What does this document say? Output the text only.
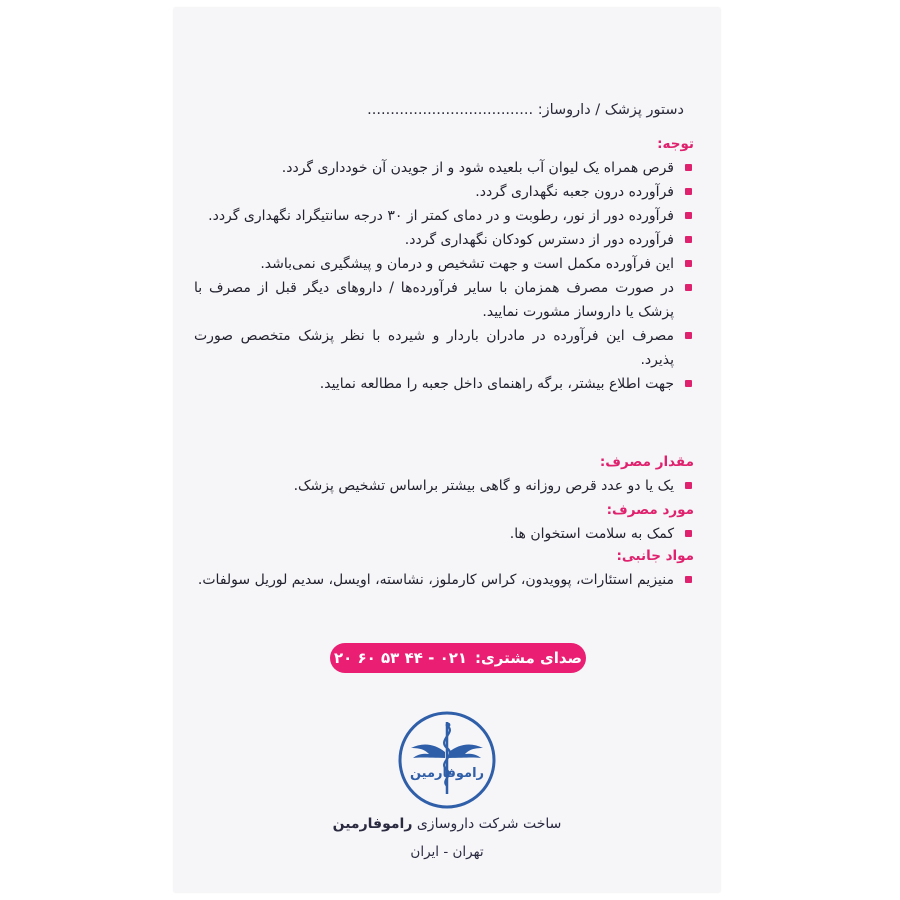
دستور پزشک / داروساز: ....................................
توجه:
قرص همراه یک لیوان آب بلعیده شود و از جویدن آن خودداری گردد.
فرآورده درون جعبه نگهداری گردد.
فرآورده دور از نور، رطوبت و در دمای کمتر از ۳۰ درجه سانتیگراد نگهداری گردد.
فرآورده دور از دسترس کودکان نگهداری گردد.
این فرآورده مکمل است و جهت تشخیص و درمان و پیشگیری نمی‌باشد.
در صورت مصرف همزمان با سایر فرآورده‌ها / داروهای دیگر قبل از مصرف با پزشک یا داروساز مشورت نمایید.
مصرف این فرآورده در مادران باردار و شیرده با نظر پزشک متخصص صورت پذیرد.
جهت اطلاع بیشتر، برگه راهنمای داخل جعبه را مطالعه نمایید.
مقدار مصرف:
یک یا دو عدد قرص روزانه و گاهی بیشتر براساس تشخیص پزشک.
مورد مصرف:
کمک به سلامت استخوان ها.
مواد جانبی:
منیزیم استئارات، پوویدون، کراس کارملوز، نشاسته، اویسل، سدیم لوریل سولفات.
صدای مشتری:
۰۲۱ - ۴۴ ۵۳ ۶۰ ۲۰
راموفارمین
ساخت شرکت داروسازی راموفارمین
تهران - ایران
